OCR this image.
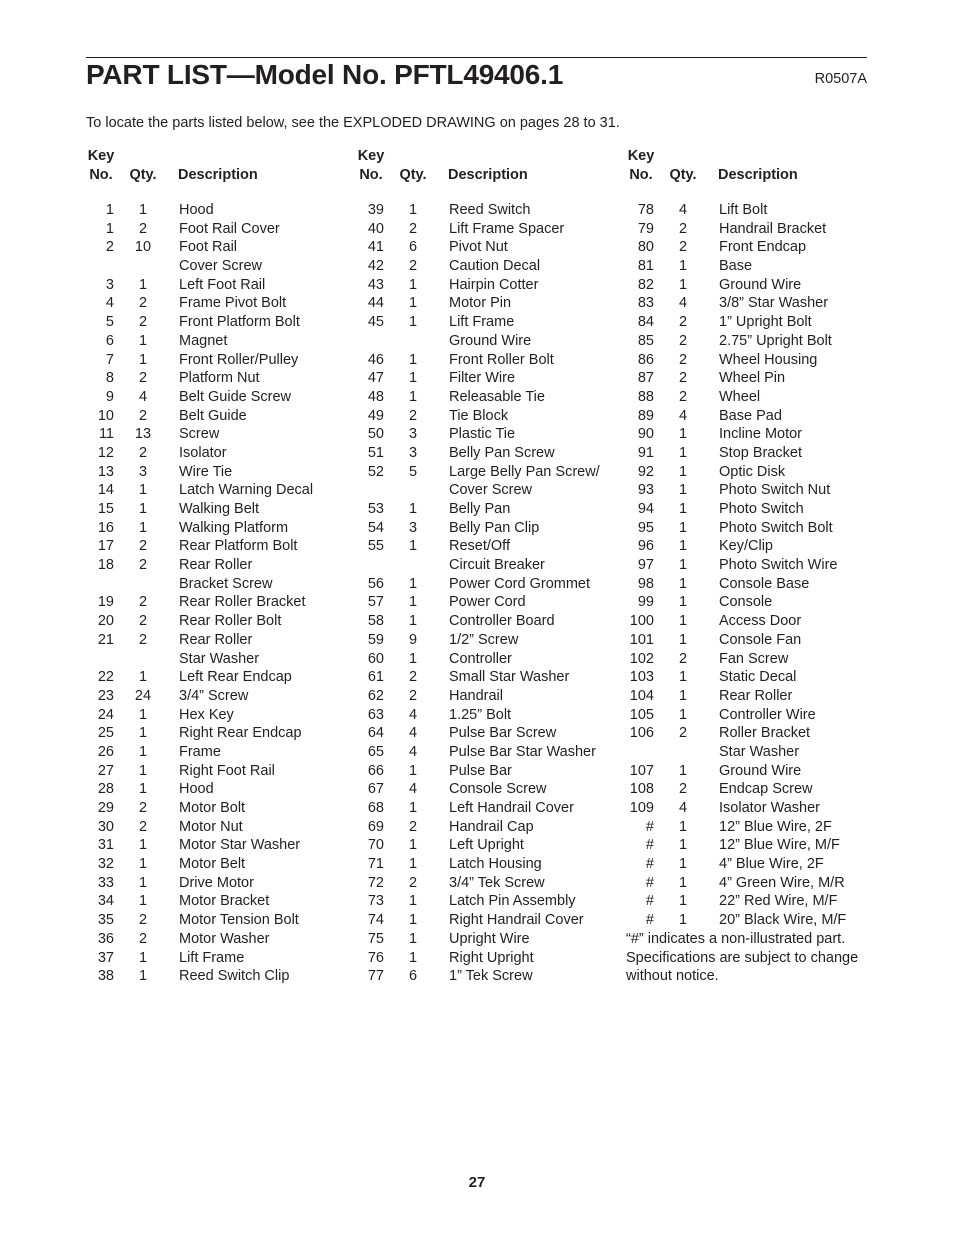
PART LIST—Model No. PFTL49406.1	R0507A
To locate the parts listed below, see the EXPLODED DRAWING on pages 28 to 31.
Key
No. Qty. Description
1	1	Hood
1	2	Foot Rail Cover
2	10	Foot Rail
Cover Screw
3	1	Left Foot Rail
4	2	Frame Pivot Bolt
5	2	Front Platform Bolt
6	1	Magnet
7	1	Front Roller/Pulley
8	2	Platform Nut
9	4	Belt Guide Screw
10	2	Belt Guide
11	13	Screw
12	2	Isolator
13	3	Wire Tie
14	1	Latch Warning Decal
15	1	Walking Belt
16	1	Walking Platform
17	2	Rear Platform Bolt
18	2	Rear Roller
Bracket Screw
19	2	Rear Roller Bracket
20	2	Rear Roller Bolt
21	2	Rear Roller
Star Washer
22	1	Left Rear Endcap
23	24	3/4” Screw
24	1	Hex Key
25	1	Right Rear Endcap
26	1	Frame
27	1	Right Foot Rail
28	1	Hood
29	2	Motor Bolt
30	2	Motor Nut
31	1	Motor Star Washer
32	1	Motor Belt
33	1	Drive Motor
34	1	Motor Bracket
35	2	Motor Tension Bolt
36	2	Motor Washer
37	1	Lift Frame
38	1	Reed Switch Clip
Key
No. Qty. Description
39	1	Reed Switch
40	2	Lift Frame Spacer
41	6	Pivot Nut
42	2	Caution Decal
43	1	Hairpin Cotter
44	1	Motor Pin
45	1	Lift Frame
Ground Wire
46	1	Front Roller Bolt
47	1	Filter Wire
48	1	Releasable Tie
49	2	Tie Block
50	3	Plastic Tie
51	3	Belly Pan Screw
52	5	Large Belly Pan Screw/
Cover Screw
53	1	Belly Pan
54	3	Belly Pan Clip
55	1	Reset/Off
Circuit Breaker
56	1	Power Cord Grommet
57	1	Power Cord
58	1	Controller Board
59	9	1/2” Screw
60	1	Controller
61	2	Small Star Washer
62	2	Handrail
63	4	1.25” Bolt
64	4	Pulse Bar Screw
65	4	Pulse Bar Star Washer
66	1	Pulse Bar
67	4	Console Screw
68	1	Left Handrail Cover
69	2	Handrail Cap
70	1	Left Upright
71	1	Latch Housing
72	2	3/4” Tek Screw
73	1	Latch Pin Assembly
74	1	Right Handrail Cover
75	1	Upright Wire
76	1	Right Upright
77	6	1” Tek Screw
Key
No. Qty. Description
78	4	Lift Bolt
79	2	Handrail Bracket
80	2	Front Endcap
81	1	Base
82	1	Ground Wire
83	4	3/8” Star Washer
84	2	1” Upright Bolt
85	2	2.75” Upright Bolt
86	2	Wheel Housing
87	2	Wheel Pin
88	2	Wheel
89	4	Base Pad
90	1	Incline Motor
91	1	Stop Bracket
92	1	Optic Disk
93	1	Photo Switch Nut
94	1	Photo Switch
95	1	Photo Switch Bolt
96	1	Key/Clip
97	1	Photo Switch Wire
98	1	Console Base
99	1	Console
100	1	Access Door
101	1	Console Fan
102	2	Fan Screw
103	1	Static Decal
104	1	Rear Roller
105	1	Controller Wire
106	2	Roller Bracket
Star Washer
107	1	Ground Wire
108	2	Endcap Screw
109	4	Isolator Washer
#	1	12” Blue Wire, 2F
#	1	12” Blue Wire, M/F
#	1	4” Blue Wire, 2F
#	1	4” Green Wire, M/R
#	1	22” Red Wire, M/F
#	1	20” Black Wire, M/F
“#” indicates a non-illustrated part.
Specifications are subject to change
without notice.
27
